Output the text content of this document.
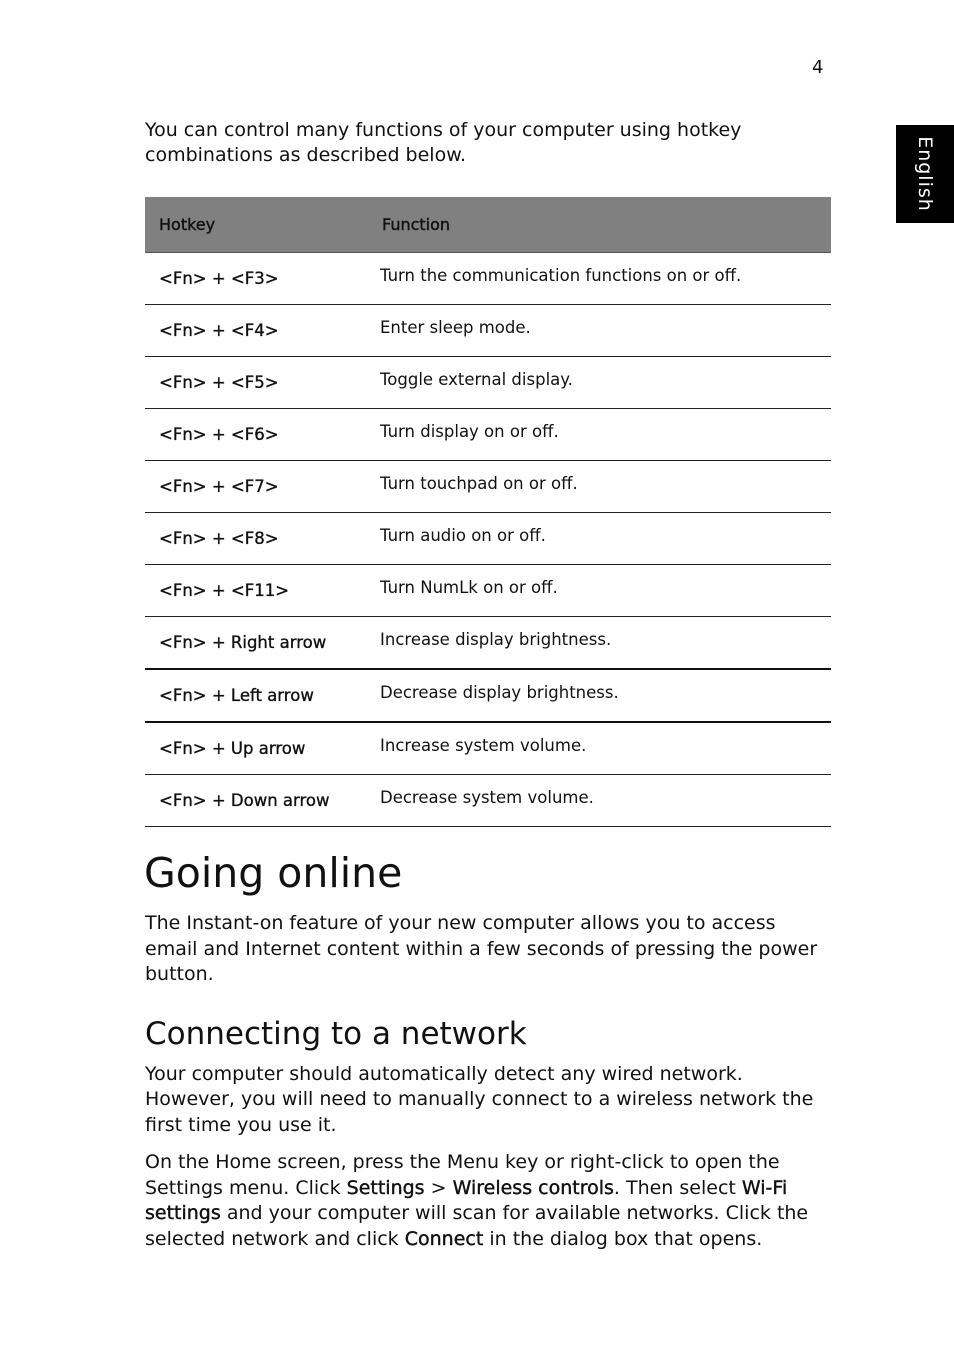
4
English

You can control many functions of your computer using hotkey combinations as described below.

Hotkey	Function
<Fn> + <F3>	Turn the communication functions on or off.
<Fn> + <F4>	Enter sleep mode.
<Fn> + <F5>	Toggle external display.
<Fn> + <F6>	Turn display on or off.
<Fn> + <F7>	Turn touchpad on or off.
<Fn> + <F8>	Turn audio on or off.
<Fn> + <F11>	Turn NumLk on or off.
<Fn> + Right arrow	Increase display brightness.
<Fn> + Left arrow	Decrease display brightness.
<Fn> + Up arrow	Increase system volume.
<Fn> + Down arrow	Decrease system volume.
Going online

The Instant-on feature of your new computer allows you to access email and Internet content within a few seconds of pressing the power button.

Connecting to a network

Your computer should automatically detect any wired network. However, you will need to manually connect to a wireless network the first time you use it.

On the Home screen, press the Menu key or right-click to open the Settings menu. Click Settings > Wireless controls. Then select Wi-Fi settings and your computer will scan for available networks. Click the selected network and click Connect in the dialog box that opens.
